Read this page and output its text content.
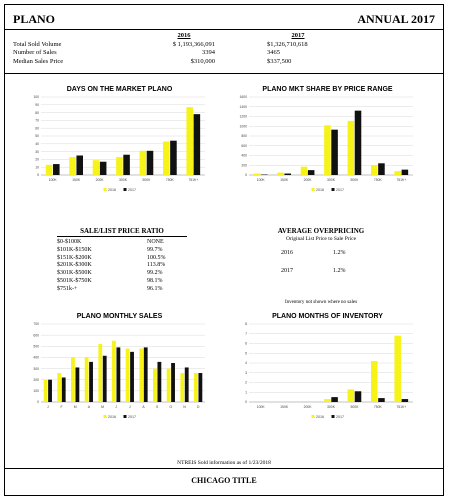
PLANO	ANNUAL 2017
2016	2017
Total Sold Volume	$ 1,193,366,091	$1,326,710,618
Number of Sales	3394	3465
Median Sales Price	$310,000	$337,500
DAYS ON THE MARKET PLANO
0
10
20
30
40
50
60
70
80
90
100
100K	150K	200K	300K	500K	750K	751K+
2016	2017
PLANO MKT SHARE BY PRICE RANGE
0
200
400
600
800
1000
1200
1400
1600
100K	150K	200K	300K	500K	750K	751K+
2016	2017
SALE/LIST PRICE RATIO
$0-$100K	NONE
$101K-$150K	99.7%
$151K-$200K	100.5%
$201K-$300K	113.8%
$301K-$500K	99.2%
$501K-$750K	98.1%
$751k-+	96.1%
AVERAGE OVERPRICING
Original List Price to Sale Price
2016	1.2%
2017	1.2%
Inventory not shown where no sales
PLANO MONTHLY SALES
0
100
200
300
400
500
600
700
J	F	M	A	M	J	J	A	S	O	N	D
2016	2017
PLANO MONTHS OF INVENTORY
0
1
2
3
4
5
6
7
8
100K	150K	200K	300K	500K	750K	751K+
2016	2017
NTREIS Sold information as of 1/23/2018
CHICAGO TITLE
